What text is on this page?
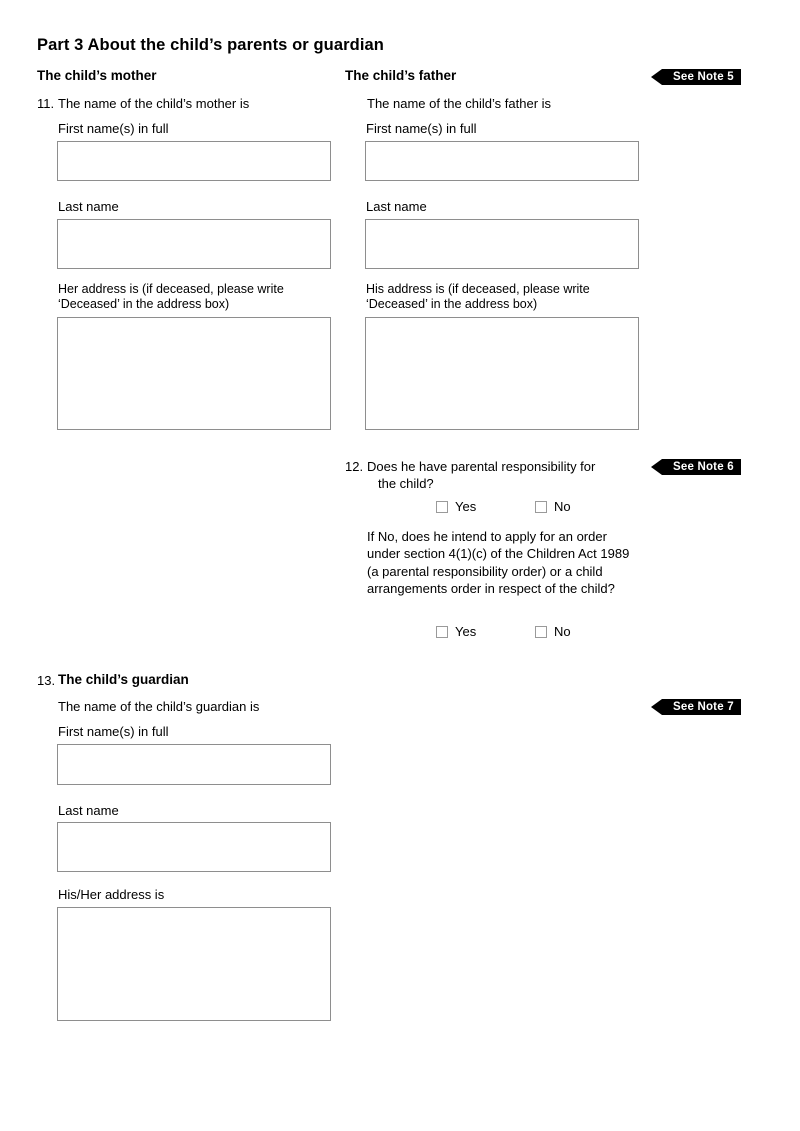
Part 3 About the child’s parents or guardian
The child’s mother
11. The name of the child’s mother is
First name(s) in full
Last name
Her address is (if deceased, please write
‘Deceased’ in the address box)
The child’s father
The name of the child’s father is
First name(s) in full
Last name
His address is (if deceased, please write
‘Deceased’ in the address box)
12. Does he have parental responsibility for
the child?
Yes	No
If No, does he intend to apply for an order under section 4(1)(c) of the Children Act 1989 (a parental responsibility order) or a child arrangements order in respect of the child?
Yes	No
13. The child’s guardian
The name of the child’s guardian is
First name(s) in full
Last name
His/Her address is
See Note 5
See Note 6
See Note 7
